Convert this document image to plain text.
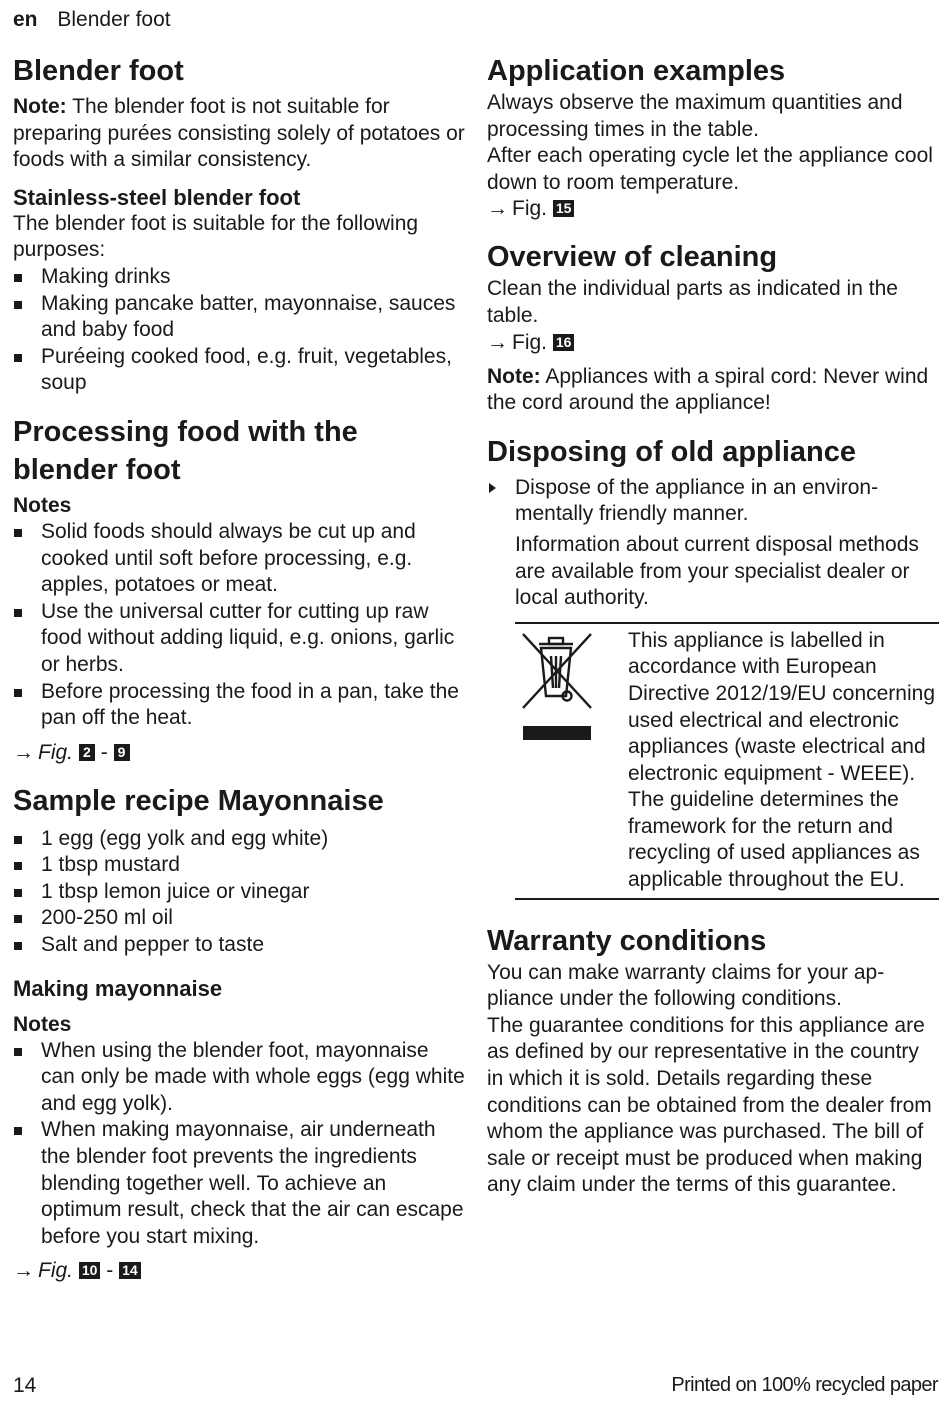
en Blender foot
Blender foot

Note: The blender foot is not suitable for preparing purées consisting solely of potatoes or foods with a similar consistency.

Stainless-steel blender foot

The blender foot is suitable for the following purposes:

Making drinks
Making pancake batter, mayonnaise, sauces and baby food
Puréeing cooked food, e.g. fruit, vegetables, soup
Processing food with the blender foot
Notes
Solid foods should always be cut up and cooked until soft before processing, e.g. apples, potatoes or meat.
Use the universal cutter for cutting up raw food without adding liquid, e.g. onions, garlic or herbs.
Before processing the food in a pan, take the pan off the heat.
→ Fig. 2 - 9
Sample recipe Mayonnaise
1 egg (egg yolk and egg white)
1 tbsp mustard
1 tbsp lemon juice or vinegar
200-250 ml oil
Salt and pepper to taste
Making mayonnaise
Notes
When using the blender foot, mayonnaise can only be made with whole eggs (egg white and egg yolk).
When making mayonnaise, air underneath the blender foot prevents the ingredients blending together well. To achieve an optimum result, check that the air can escape before you start mixing.
→ Fig. 10 - 14
Application examples

Always observe the maximum quantities and processing times in the table.

After each operating cycle let the appliance cool down to room temperature.

→ Fig. 15
Overview of cleaning

Clean the individual parts as indicated in the table.

→ Fig. 16

Note: Appliances with a spiral cord: Never wind the cord around the appliance!

Disposing of old appliance

Dispose of the appliance in an environmentally friendly manner.

Information about current disposal methods are available from your specialist dealer or local authority.

This appliance is labelled in accordance with European Directive 2012/19/EU concerning used electrical and electronic appliances (waste electrical and electronic equipment - WEEE).

The guideline determines the framework for the return and recycling of used appliances as applicable throughout the EU.

Warranty conditions

You can make warranty claims for your appliance under the following conditions.

The guarantee conditions for this appliance are as defined by our representative in the country in which it is sold. Details regarding these conditions can be obtained from the dealer from whom the appliance was purchased. The bill of sale or receipt must be produced when making any claim under the terms of this guarantee.

14	Printed on 100% recycled paper
